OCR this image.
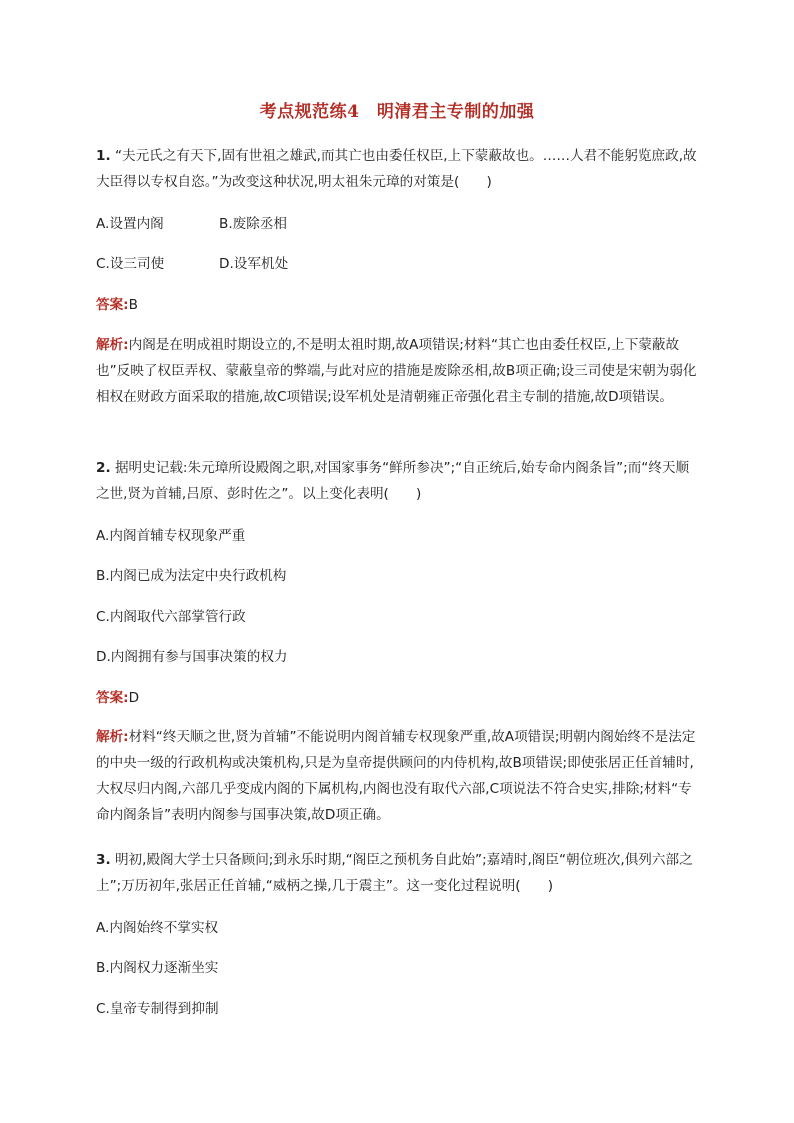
考点规范练4　明清君主专制的加强
1. “夫元氏之有天下,固有世祖之雄武,而其亡也由委任权臣,上下蒙蔽故也。……人君不能躬览庶政,故大臣得以专权自恣。”为改变这种状况,明太祖朱元璋的对策是(　　)
A.设置内阁	B.废除丞相
C.设三司使	D.设军机处
答案:B
解析:内阁是在明成祖时期设立的,不是明太祖时期,故A项错误;材料“其亡也由委任权臣,上下蒙蔽故也”反映了权臣弄权、蒙蔽皇帝的弊端,与此对应的措施是废除丞相,故B项正确;设三司使是宋朝为弱化相权在财政方面采取的措施,故C项错误;设军机处是清朝雍正帝强化君主专制的措施,故D项错误。
2. 据明史记载:朱元璋所设殿阁之职,对国家事务“鲜所参决”;“自正统后,始专命内阁条旨”;而“终天顺之世,贤为首辅,吕原、彭时佐之”。以上变化表明(　　)
A.内阁首辅专权现象严重
B.内阁已成为法定中央行政机构
C.内阁取代六部掌管行政
D.内阁拥有参与国事决策的权力
答案:D
解析:材料“终天顺之世,贤为首辅”不能说明内阁首辅专权现象严重,故A项错误;明朝内阁始终不是法定的中央一级的行政机构或决策机构,只是为皇帝提供顾问的内侍机构,故B项错误;即使张居正任首辅时,大权尽归内阁,六部几乎变成内阁的下属机构,内阁也没有取代六部,C项说法不符合史实,排除;材料“专命内阁条旨”表明内阁参与国事决策,故D项正确。
3. 明初,殿阁大学士只备顾问;到永乐时期,“阁臣之预机务自此始”;嘉靖时,阁臣“朝位班次,俱列六部之上”;万历初年,张居正任首辅,“威柄之操,几于震主”。这一变化过程说明(　　)
A.内阁始终不掌实权
B.内阁权力逐渐坐实
C.皇帝专制得到抑制
